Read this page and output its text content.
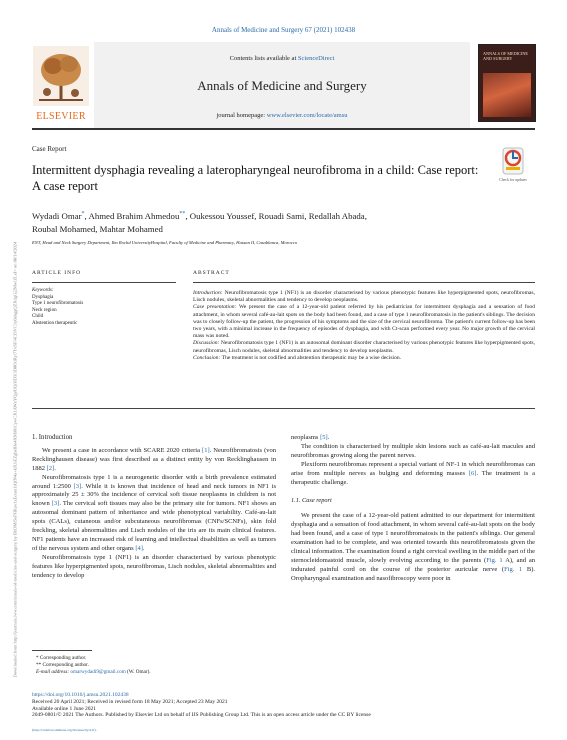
Annals of Medicine and Surgery 67 (2021) 102438
ELSEVIER
Contents lists available at ScienceDirect
Annals of Medicine and Surgery
journal homepage: www.elsevier.com/locate/amsu
ANNALS OF MEDICINE AND SURGERY
Downloaded from http://journals.lww.com/annals-of-medicine-and-surgery by BhDMf5ePHKav1zEoum1tQfN4a+kJLhEZgbsIHo4XMi0hCywCX1AWnYQp/IlQrHD3i3D0OdRyi7TvSFl4Cf3VC1y0abggQZXdgGj2MwlZLeI= on 08/14/2024
Case Report
Intermittent dysphagia revealing a lateropharyngeal neurofibroma in a child: Case report: A case report	Check for updates
Wydadi Omar*, Ahmed Brahim Ahmedou**, Oukessou Youssef, Rouadi Sami, Redallah Abada,
Roubal Mohamed, Mahtar Mohamed
ENT, Head and Neck Surgery Department, Ibn Rochd UniversityHospital, Faculty of Medicine and Pharmacy, Hassan II, Casablanca, Morocco
ARTICLE INFO	ABSTRACT
Keywords:
Dysphagia
Type 1 neurofibromatosis
Neck region
Child
Abstention therapeutic

Introduction: Neurofibromatosis type 1 (NF1) is an disorder characterised by various phenotypic features like hyperpigmented spots, neurofibromas, Lisch nodules, skeletal abnormalities and tendency to develop neoplasms.

Case presentation: We present the case of a 12-year-old patient referred by his pediatrician for intermittent dysphagia and a sensation of food attachment, in whom several café-au-lait spots on the body had been found, and a case of type 1 neurofibromatosis in the patient's siblings. The decision was to closely follow-up the patient, the progression of his symptoms and the size of the cervical neurofibroma. The patient's current follow-up has been two years, with a minimal increase in the frequency of episodes of dysphagia, and with Ct-scan performed every year. No major growth of the cervical mass was noted.

Discussion: Neurofibromatosis type 1 (NF1) is an autosomal dominant disorder characterised by various phenotypic features like hyperpigmented spots, neurofibromas, Lisch nodules, skeletal abnormalities and tendency to develop neoplasms.

Conclusion: The treatment is not codified and abstention therapeutic may be a wise decision.

1. Introduction

We present a case in accordance with SCARE 2020 criteria [1]. Neurofibromatosis (von Recklinghausen disease) was first described as a distinct entity by von Recklinghausen in 1882 [2].

Neurofibromatosis type 1 is a neurogenetic disorder with a birth prevalence estimated around 1:2500 [3]. While it is known that incidence of head and neck tumors in NF1 is approximately 25 ± 30% the incidence of cervical soft tissue neoplasms in children is not known [3]. The cervical soft tissues may also be the primary site for tumors. NF1 shows an autosomal dominant pattern of inheritance and wide phenotypical variability. Café-au-lait spots (CALs), cutaneous and/or subcutaneous neurofibromas (CNFs/SCNFs), skin fold freckling, skeletal abnormalities and Lisch nodules of the iris are its main clinical features. NF1 patients have an increased risk of learning and intellectual disabilities as well as tumors of the nervous system and other organs [4].

Neurofibromatosis type 1 (NF1) is an disorder characterised by various phenotypic features like hyperpigmented spots, neurofibromas, Lisch nodules, skeletal abnormalities and tendency to develop

neoplasms [5].

The condition is characterised by multiple skin lesions such as café-au-lait macules and neurofibromas growing along the parent nerves.

Plexiform neurofibromas represent a special variant of NF-1 in which neurofibromas can arise from multiple nerves as bulging and deforming masses [6]. The treatment is a therapeutic challenge.

1.1. Case report

We present the case of a 12-year-old patient admitted to our department for intermittent dysphagia and a sensation of food attachment, in whom several café-au-lait spots on the body had been found, and a case of type 1 neurofibromatosis in the patient's siblings. Our general examination had to be complete, and was oriented towards this neurofibromatosis given the clinical information. The examination found a right cervical swelling in the middle part of the sternocleidomastoid muscle, slowly evolving according to the parents (Fig. 1 A), and an indurated painful cord on the course of the posterior auricular nerve (Fig. 1 B). Oropharyngeal examination and nasofibroscopy were poor in

* Corresponding author.
** Corresponding author.
E-mail address: omarwydadi9@gmail.com (W. Omar).
https://doi.org/10.1016/j.amsu.2021.102438
Received 20 April 2021; Received in revised form 18 May 2021; Accepted 23 May 2021
Available online 1 June 2021
2049-0801/© 2021 The Authors. Published by Elsevier Ltd on behalf of IJS Publishing Group Ltd. This is an open access article under the CC BY license
(http://creativecommons.org/licenses/by/4.0/).
